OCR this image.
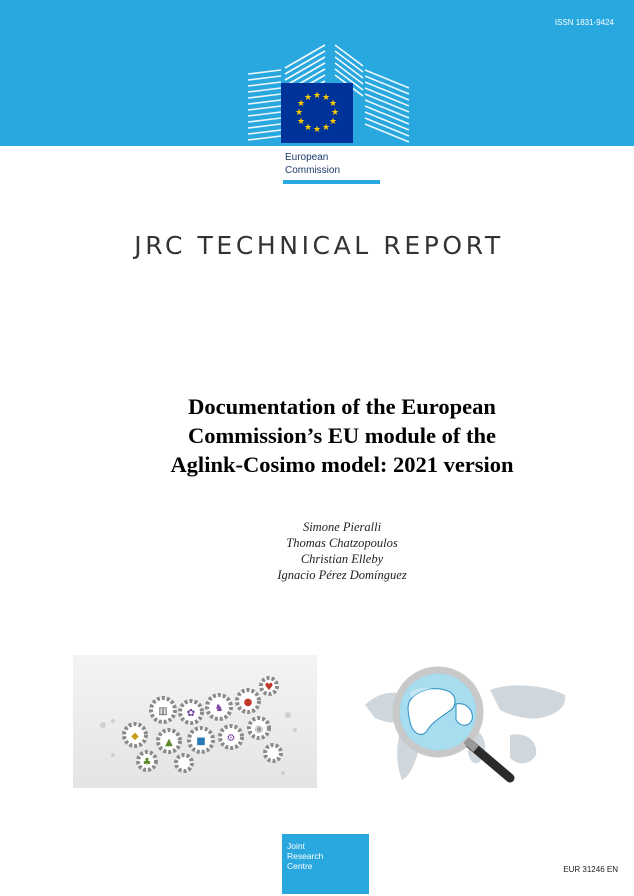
ISSN 1831-9424
★ ★
★
★
★
★
★
★
★
★
★
★
European
Commission
JRC TECHNICAL REPORT
Documentation of the European
Commission’s EU module of the
Aglink-Cosimo model: 2021 version
Simone Pieralli
Thomas Chatzopoulos
Christian Elleby
Ignacio Pérez Domínguez
▥ ✿ ♞
●
◆
▲ ■ ⚙
◉
♣
♥
Joint
Research
Centre	EUR 31246 EN
